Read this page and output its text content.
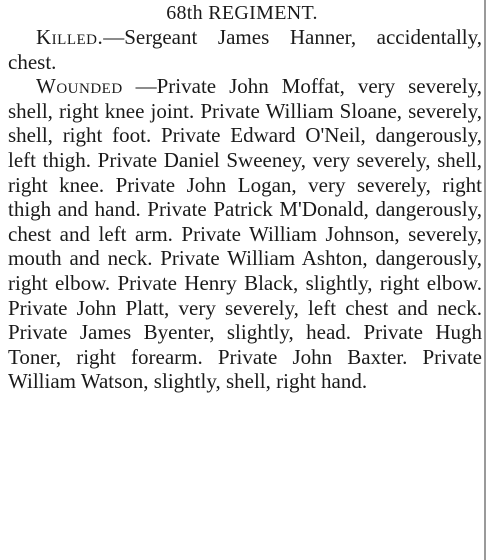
68th REGIMENT.

Killed.—Sergeant James Hanner, accidentally, chest.

Wounded —Private John Moffat, very severely, shell, right knee joint. Private William Sloane, severely, shell, right foot. Private Edward O'Neil, dangerously, left thigh. Private Daniel Sweeney, very severely, shell, right knee. Private John Logan, very severely, right thigh and hand. Private Patrick M'Donald, dangerously, chest and left arm. Private William Johnson, severely, mouth and neck. Private William Ashton, dangerously, right elbow. Private Henry Black, slightly, right elbow. Private John Platt, very severely, left chest and neck. Private James Byenter, slightly, head. Private Hugh Toner, right forearm. Private John Baxter. Private William Watson, slightly, shell, right hand.
